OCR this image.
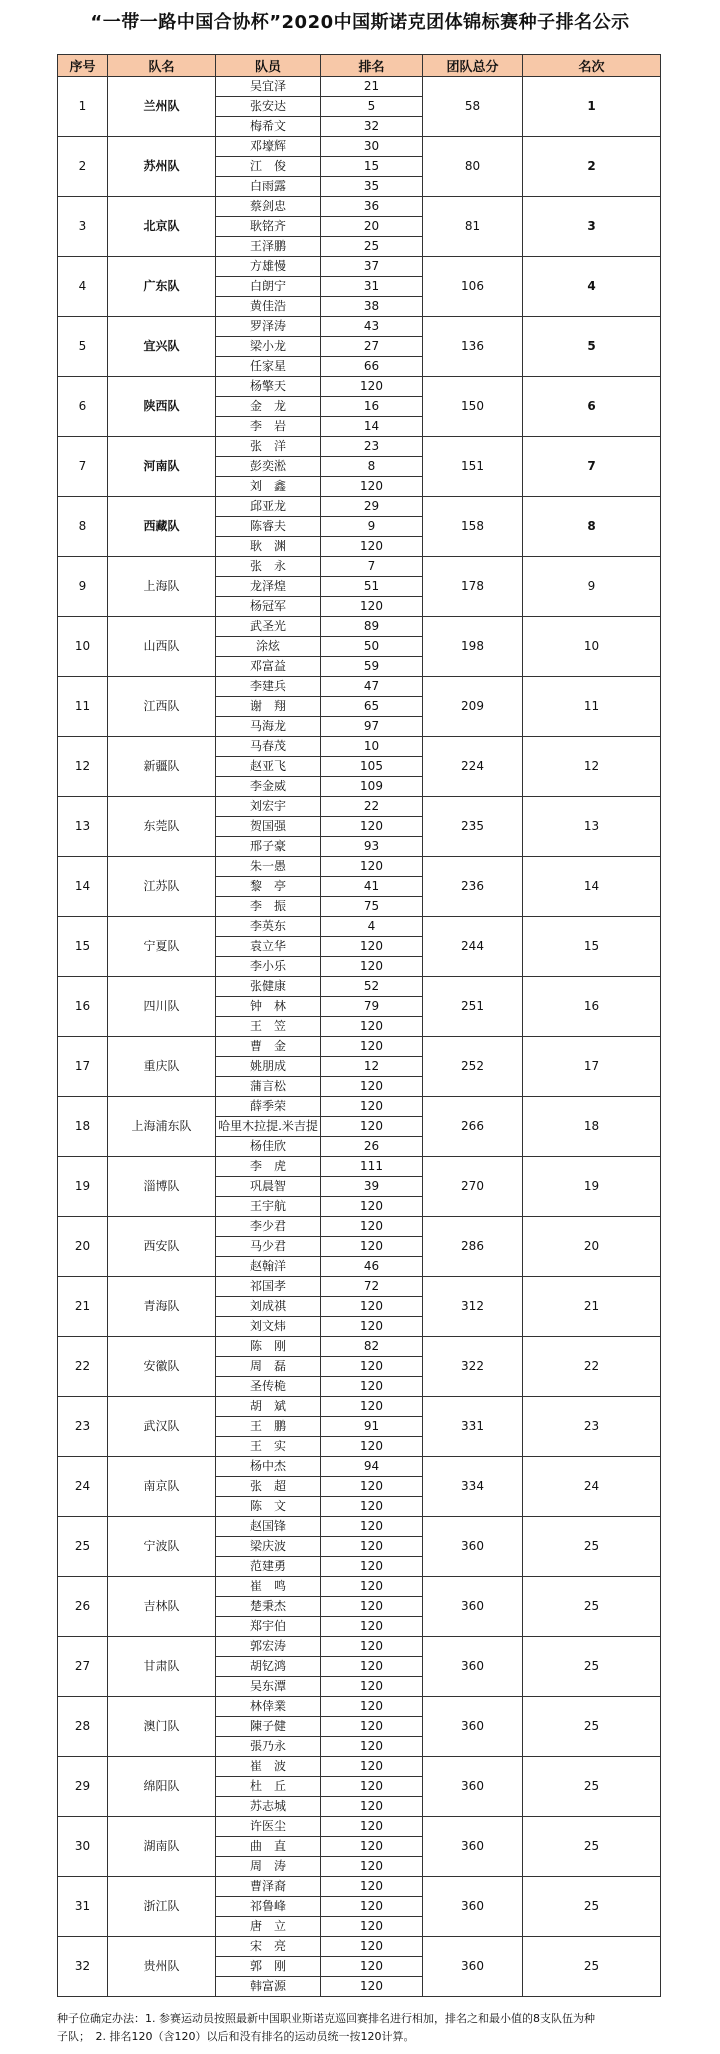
“一带一路中国合协杯”2020中国斯诺克团体锦标赛种子排名公示
序号	队名	队员	排名	团队总分	名次
1	兰州队	吴宜泽	21	58	1
		张安达	5		
		梅希文	32		
2	苏州队	邓壕辉	30	80	2
		江　俊	15		
		白雨露	35		
3	北京队	蔡剑忠	36	81	3
		耿铭齐	20		
		王泽鹏	25		
4	广东队	方雄慢	37	106	4
		白朗宁	31		
		黄佳浩	38		
5	宜兴队	罗泽涛	43	136	5
		梁小龙	27		
		任家星	66		
6	陕西队	杨擎天	120	150	6
		金　龙	16		
		李　岩	14		
7	河南队	张　洋	23	151	7
		彭奕淞	8		
		刘　鑫	120		
8	西藏队	邱亚龙	29	158	8
		陈睿夫	9		
		耿　渊	120		
9	上海队	张　永	7	178	9
		龙泽煌	51		
		杨冠军	120		
10	山西队	武圣光	89	198	10
		涂炫	50		
		邓富益	59		
11	江西队	李建兵	47	209	11
		谢　翔	65		
		马海龙	97		
12	新疆队	马春茂	10	224	12
		赵亚飞	105		
		李金威	109		
13	东莞队	刘宏宇	22	235	13
		贺国强	120		
		邢子豪	93		
14	江苏队	朱一愚	120	236	14
		黎　亭	41		
		李　振	75		
15	宁夏队	李英东	4	244	15
		袁立华	120		
		李小乐	120		
16	四川队	张健康	52	251	16
		钟　林	79		
		王　笠	120		
17	重庆队	曹　金	120	252	17
		姚朋成	12		
		蒲言松	120		
18	上海浦东队	薛季荣	120	266	18
		哈里木拉提.米吉提	120		
		杨佳欣	26		
19	淄博队	李　虎	111	270	19
		巩晨智	39		
		王宇航	120		
20	西安队	李少君	120	286	20
		马少君	120		
		赵翰洋	46		
21	青海队	祁国孝	72	312	21
		刘成祺	120		
		刘文炜	120		
22	安徽队	陈　刚	82	322	22
		周　磊	120		
		圣传桅	120		
23	武汉队	胡　斌	120	331	23
		王　鹏	91		
		王　实	120		
24	南京队	杨中杰	94	334	24
		张　超	120		
		陈　文	120		
25	宁波队	赵国锋	120	360	25
		梁庆波	120		
		范建勇	120		
26	吉林队	崔　鸣	120	360	25
		楚秉杰	120		
		郑宇伯	120		
27	甘肃队	郭宏涛	120	360	25
		胡钇鸿	120		
		吴东潭	120		
28	澳门队	林倖業	120	360	25
		陳子健	120		
		張乃永	120		
29	绵阳队	崔　波	120	360	25
		杜　丘	120		
		苏志城	120		
30	湖南队	许医尘	120	360	25
		曲　直	120		
		周　涛	120		
31	浙江队	曹泽裔	120	360	25
		祁鲁峰	120		
		唐　立	120		
32	贵州队	宋　亮	120	360	25
		郭　刚	120		
		韩富源	120		
种子位确定办法：1. 参赛运动员按照最新中国职业斯诺克巡回赛排名进行相加，排名之和最小值的8支队伍为种
子队；　2. 排名120（含120）以后和没有排名的运动员统一按120计算。
